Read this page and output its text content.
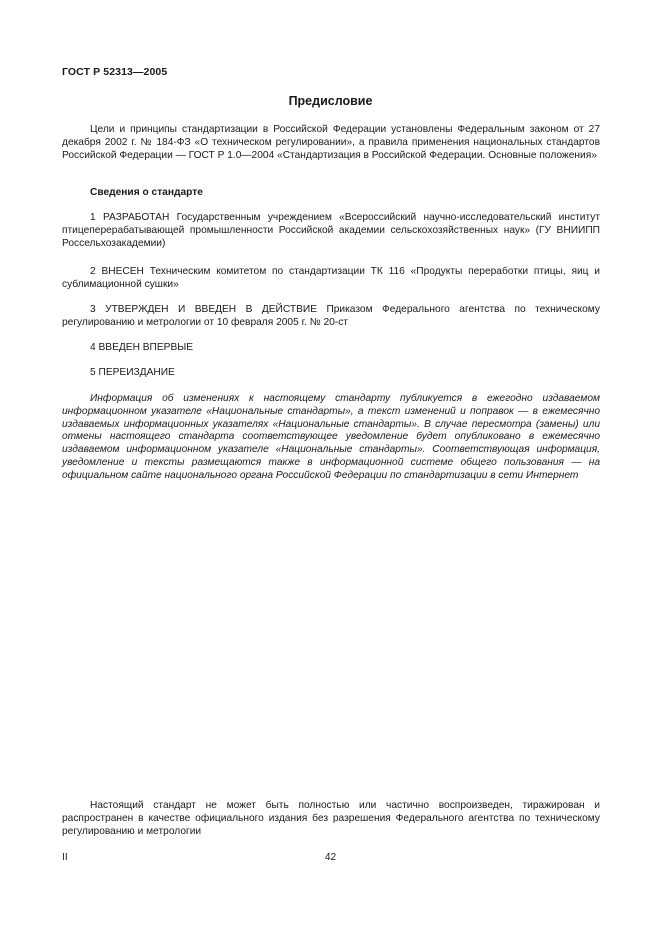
ГОСТ Р 52313—2005
Предисловие
Цели и принципы стандартизации в Российской Федерации установлены Федеральным законом от 27 декабря 2002 г. № 184-ФЗ «О техническом регулировании», а правила применения национальных стандартов Российской Федерации — ГОСТ Р 1.0—2004 «Стандартизация в Российской Федерации. Основные положения»
Сведения о стандарте
1 РАЗРАБОТАН Государственным учреждением «Всероссийский научно-исследовательский институт птицеперерабатывающей промышленности Российской академии сельскохозяйственных наук» (ГУ ВНИИПП Россельхозакадемии)
2 ВНЕСЕН Техническим комитетом по стандартизации ТК 116 «Продукты переработки птицы, яиц и сублимационной сушки»
3 УТВЕРЖДЕН И ВВЕДЕН В ДЕЙСТВИЕ Приказом Федерального агентства по техническому регулированию и метрологии от 10 февраля 2005 г. № 20-ст
4 ВВЕДЕН ВПЕРВЫЕ
5 ПЕРЕИЗДАНИЕ
Информация об изменениях к настоящему стандарту публикуется в ежегодно издаваемом информационном указателе «Национальные стандарты», а текст изменений и поправок — в ежемесячно издаваемых информационных указателях «Национальные стандарты». В случае пересмотра (замены) или отмены настоящего стандарта соответствующее уведомление будет опубликовано в ежемесячно издаваемом информационном указателе «Национальные стандарты». Соответствующая информация, уведомление и тексты размещаются также в информационной системе общего пользования — на официальном сайте национального органа Российской Федерации по стандартизации в сети Интернет
Настоящий стандарт не может быть полностью или частично воспроизведен, тиражирован и распространен в качестве официального издания без разрешения Федерального агентства по техническому регулированию и метрологии
II	42
